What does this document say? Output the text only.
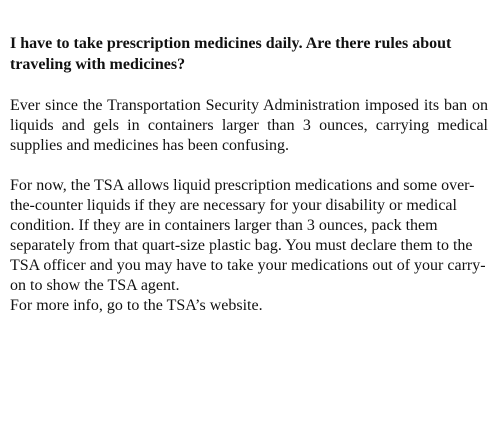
I have to take prescription medicines daily. Are there rules about traveling with medicines?

Ever since the Transportation Security Administration imposed its ban on liquids and gels in containers larger than 3 ounces, carrying medical supplies and medicines has been confusing.

For now, the TSA allows liquid prescription medications and some over-the-counter liquids if they are necessary for your disability or medical condition. If they are in containers larger than 3 ounces, pack them separately from that quart-size plastic bag. You must declare them to the TSA officer and you may have to take your medications out of your carry-on to show the TSA agent.

For more info, go to the TSA’s website.
